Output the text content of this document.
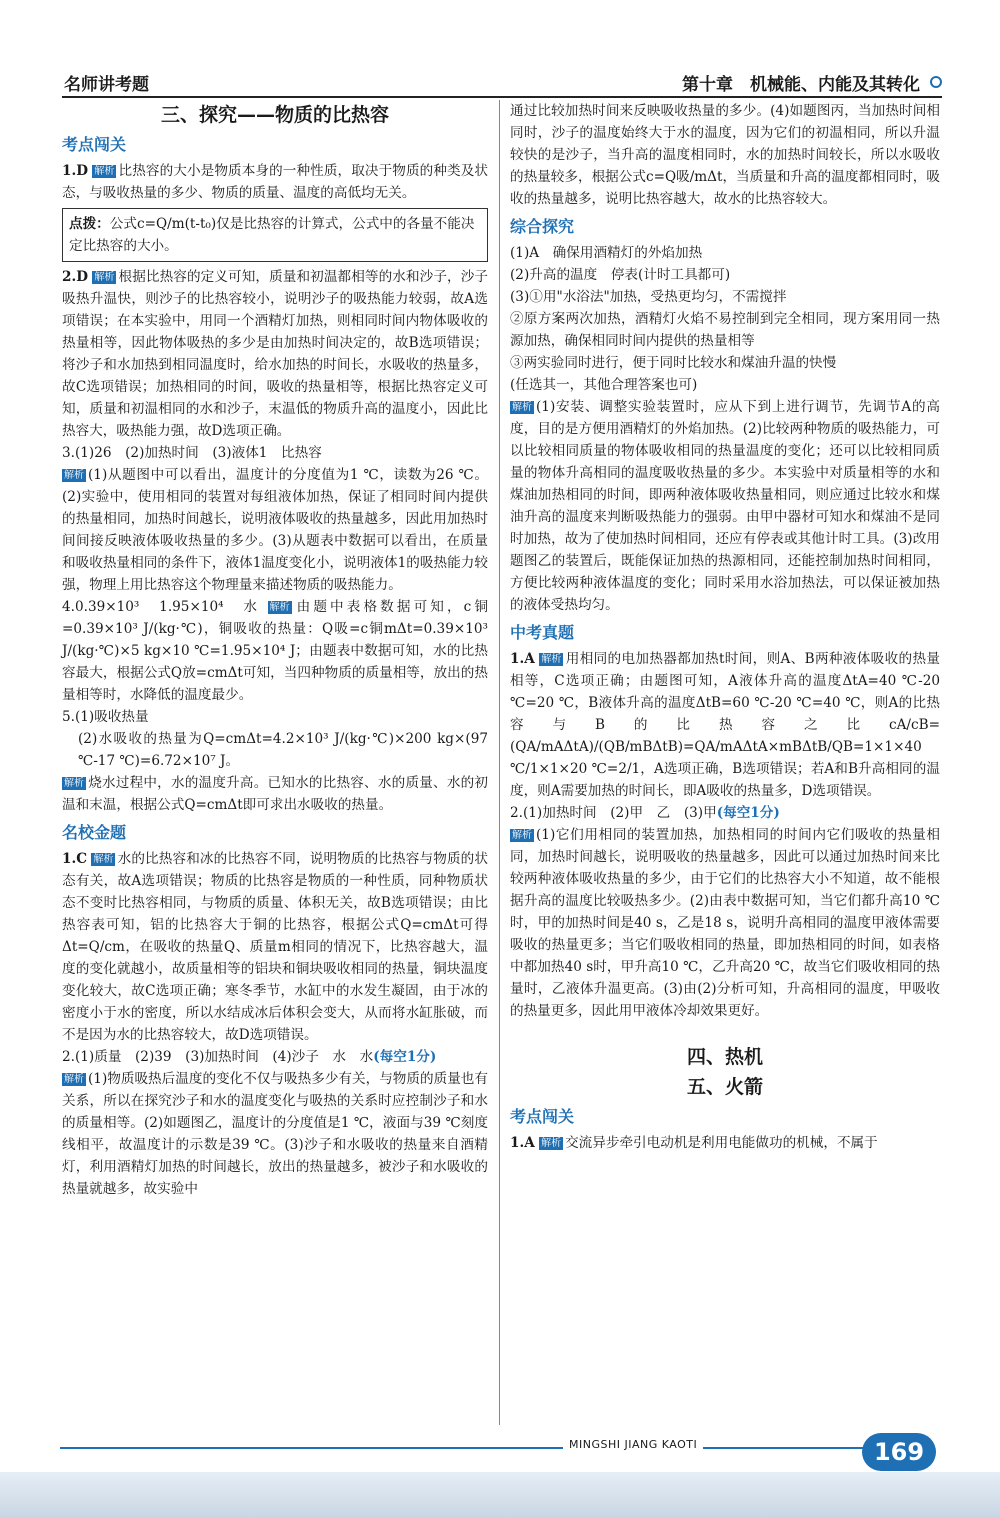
名师讲考题	第十章　机械能、内能及其转化
三、探究——物质的比热容
考点闯关

1.D 解析 比热容的大小是物质本身的一种性质，取决于物质的种类及状态，与吸收热量的多少、物质的质量、温度的高低均无关。

点拨：公式c=Q/m(t-t₀)仅是比热容的计算式，公式中的各量不能决定比热容的大小。

2.D 解析 根据比热容的定义可知，质量和初温都相等的水和沙子，沙子吸热升温快，则沙子的比热容较小，说明沙子的吸热能力较弱，故A选项错误；在本实验中，用同一个酒精灯加热，则相同时间内物体吸收的热量相等，因此物体吸热的多少是由加热时间决定的，故B选项错误；将沙子和水加热到相同温度时，给水加热的时间长，水吸收的热量多，故C选项错误；加热相同的时间，吸收的热量相等，根据比热容定义可知，质量和初温相同的水和沙子，末温低的物质升高的温度小，因此比热容大，吸热能力强，故D选项正确。

3.(1)26　(2)加热时间　(3)液体1　比热容

解析 (1)从题图中可以看出，温度计的分度值为1 ℃，读数为26 ℃。(2)实验中，使用相同的装置对每组液体加热，保证了相同时间内提供的热量相同，加热时间越长，说明液体吸收的热量越多，因此用加热时间间接反映液体吸收热量的多少。(3)从题表中数据可以看出，在质量和吸收热量相同的条件下，液体1温度变化小，说明液体1的吸热能力较强，物理上用比热容这个物理量来描述物质的吸热能力。

4.0.39×10³　1.95×10⁴　水 解析 由题中表格数据可知，c铜=0.39×10³ J/(kg·℃)，铜吸收的热量：Q吸=c铜mΔt=0.39×10³ J/(kg·℃)×5 kg×10 ℃=1.95×10⁴ J；由题表中数据可知，水的比热容最大，根据公式Q放=cmΔt可知，当四种物质的质量相等，放出的热量相等时，水降低的温度最少。

5.(1)吸收热量

(2)水吸收的热量为Q=cmΔt=4.2×10³ J/(kg·℃)×200 kg×(97 ℃-17 ℃)=6.72×10⁷ J。

解析 烧水过程中，水的温度升高。已知水的比热容、水的质量、水的初温和末温，根据公式Q=cmΔt即可求出水吸收的热量。

名校金题

1.C 解析 水的比热容和冰的比热容不同，说明物质的比热容与物质的状态有关，故A选项错误；物质的比热容是物质的一种性质，同种物质状态不变时比热容相同，与物质的质量、体积无关，故B选项错误；由比热容表可知，铝的比热容大于铜的比热容，根据公式Q=cmΔt可得Δt=Q/cm，在吸收的热量Q、质量m相同的情况下，比热容越大，温度的变化就越小，故质量相等的铝块和铜块吸收相同的热量，铜块温度变化较大，故C选项正确；寒冬季节，水缸中的水发生凝固，由于冰的密度小于水的密度，所以水结成冰后体积会变大，从而将水缸胀破，而不是因为水的比热容较大，故D选项错误。

2.(1)质量　(2)39　(3)加热时间　(4)沙子　水　水(每空1分)

解析 (1)物质吸热后温度的变化不仅与吸热多少有关，与物质的质量也有关系，所以在探究沙子和水的温度变化与吸热的关系时应控制沙子和水的质量相等。(2)如题图乙，温度计的分度值是1 ℃，液面与39 ℃刻度线相平，故温度计的示数是39 ℃。(3)沙子和水吸收的热量来自酒精灯，利用酒精灯加热的时间越长，放出的热量越多，被沙子和水吸收的热量就越多，故实验中

通过比较加热时间来反映吸收热量的多少。(4)如题图丙，当加热时间相同时，沙子的温度始终大于水的温度，因为它们的初温相同，所以升温较快的是沙子，当升高的温度相同时，水的加热时间较长，所以水吸收的热量较多，根据公式c=Q吸/mΔt，当质量和升高的温度都相同时，吸收的热量越多，说明比热容越大，故水的比热容较大。

综合探究

(1)A　确保用酒精灯的外焰加热

(2)升高的温度　停表(计时工具都可)

(3)①用"水浴法"加热，受热更均匀，不需搅拌

②原方案两次加热，酒精灯火焰不易控制到完全相同，现方案用同一热源加热，确保相同时间内提供的热量相等

③两实验同时进行，便于同时比较水和煤油升温的快慢

(任选其一，其他合理答案也可)

解析 (1)安装、调整实验装置时，应从下到上进行调节，先调节A的高度，目的是方便用酒精灯的外焰加热。(2)比较两种物质的吸热能力，可以比较相同质量的物体吸收相同的热量温度的变化；还可以比较相同质量的物体升高相同的温度吸收热量的多少。本实验中对质量相等的水和煤油加热相同的时间，即两种液体吸收热量相同，则应通过比较水和煤油升高的温度来判断吸热能力的强弱。由甲中器材可知水和煤油不是同时加热，故为了使加热时间相同，还应有停表或其他计时工具。(3)改用题图乙的装置后，既能保证加热的热源相同，还能控制加热时间相同，方便比较两种液体温度的变化；同时采用水浴加热法，可以保证被加热的液体受热均匀。

中考真题

1.A 解析 用相同的电加热器都加热t时间，则A、B两种液体吸收的热量相等，C选项正确；由题图可知，A液体升高的温度ΔtA=40 ℃-20 ℃=20 ℃，B液体升高的温度ΔtB=60 ℃-20 ℃=40 ℃，则A的比热容与B的比热容之比cA/cB=(QA/mAΔtA)/(QB/mBΔtB)=QA/mAΔtA×mBΔtB/QB=1×1×40 ℃/1×1×20 ℃=2/1，A选项正确，B选项错误；若A和B升高相同的温度，则A需要加热的时间长，即A吸收的热量多，D选项错误。

2.(1)加热时间　(2)甲　乙　(3)甲(每空1分)

解析 (1)它们用相同的装置加热，加热相同的时间内它们吸收的热量相同，加热时间越长，说明吸收的热量越多，因此可以通过加热时间来比较两种液体吸收热量的多少，由于它们的比热容大小不知道，故不能根据升高的温度比较吸热多少。(2)由表中数据可知，当它们都升高10 ℃时，甲的加热时间是40 s，乙是18 s，说明升高相同的温度甲液体需要吸收的热量更多；当它们吸收相同的热量，即加热相同的时间，如表格中都加热40 s时，甲升高10 ℃，乙升高20 ℃，故当它们吸收相同的热量时，乙液体升温更高。(3)由(2)分析可知，升高相同的温度，甲吸收的热量更多，因此用甲液体冷却效果更好。

四、热机
五、火箭
考点闯关

1.A 解析 交流异步牵引电动机是利用电能做功的机械，不属于

MINGSHI JIANG KAOTI	169
